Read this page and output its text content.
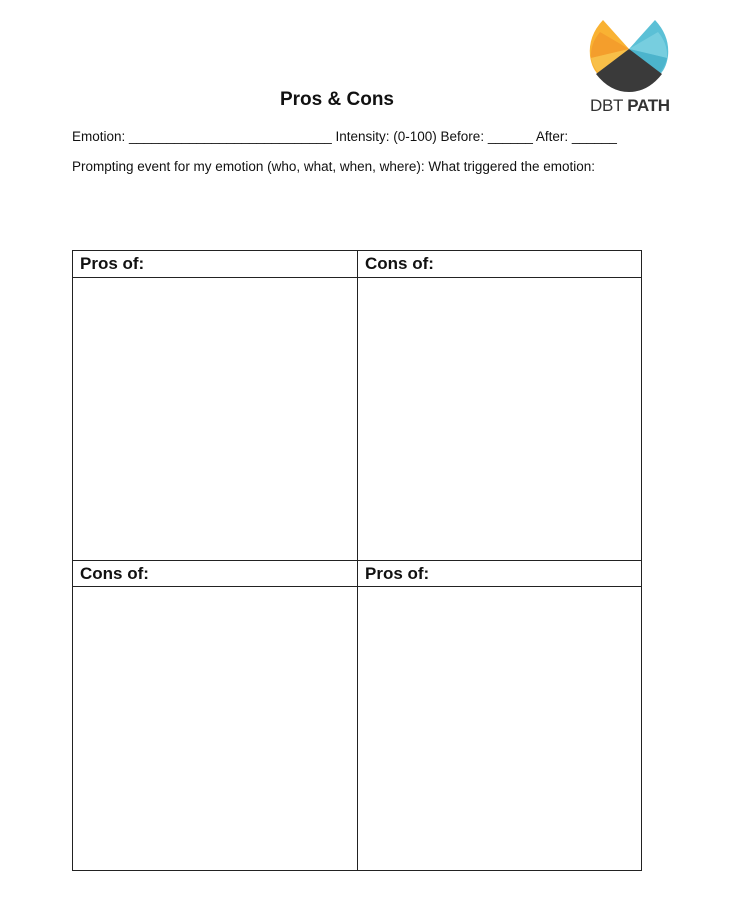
DBT PATH
Pros & Cons
Emotion: ___________________________ Intensity: (0-100) Before: ______ After: ______
Prompting event for my emotion (who, what, when, where): What triggered the emotion:
Pros of:	Cons of:
Cons of:	Pros of:
